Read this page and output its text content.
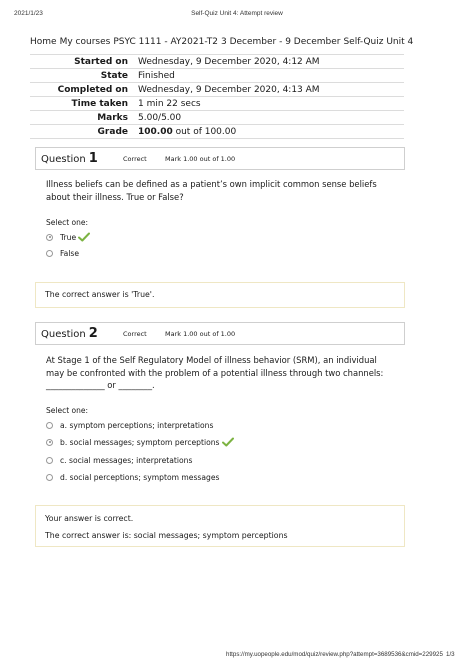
2021/1/23	Self-Quiz Unit 4: Attempt review
Home My courses PSYC 1111 - AY2021-T2 3 December - 9 December Self-Quiz Unit 4
Started on	Wednesday, 9 December 2020, 4:12 AM
State	Finished
Completed on	Wednesday, 9 December 2020, 4:13 AM
Time taken	1 min 22 secs
Marks	5.00/5.00
Grade	100.00 out of 100.00
Question 1	Correct	Mark 1.00 out of 1.00
Illness beliefs can be defined as a patient’s own implicit common sense beliefs about their illness. True or False?
Select one:
True
False

The correct answer is 'True'.

Question 2	Correct	Mark 1.00 out of 1.00
At Stage 1 of the Self Regulatory Model of illness behavior (SRM), an individual may be confronted with the problem of a potential illness through two channels: ______________ or ________.
Select one:
a. symptom perceptions; interpretations
b. social messages; symptom perceptions
c. social messages; interpretations
d. social perceptions; symptom messages

Your answer is correct.

The correct answer is: social messages; symptom perceptions

https://my.uopeople.edu/mod/quiz/review.php?attempt=3689536&cmid=229925 1/3
